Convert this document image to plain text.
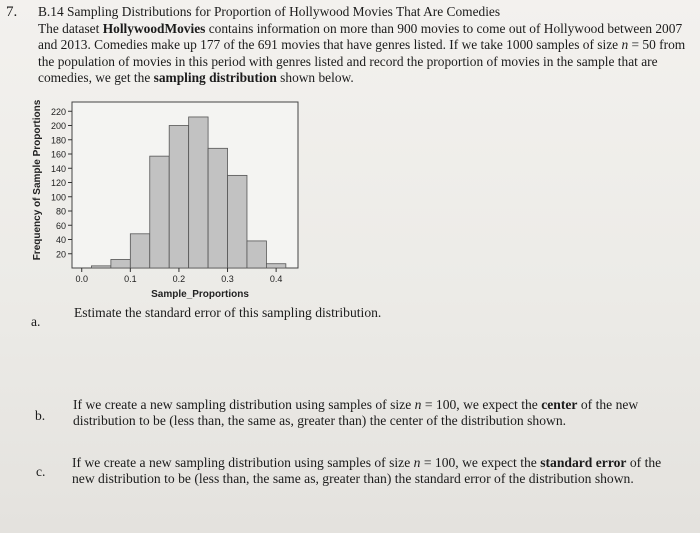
7. B.14 Sampling Distributions for Proportion of Hollywood Movies That Are Comedies

The dataset HollywoodMovies contains information on more than 900 movies to come out of Hollywood between 2007 and 2013. Comedies make up 177 of the 691 movies that have genres listed. If we take 1000 samples of size n = 50 from the population of movies in this period with genres listed and record the proportion of movies in the sample that are comedies, we get the sampling distribution shown below.

Frequency of Sample Proportions
Sample_Proportions
20
40
60
80
100
120
140
160
180
200
220
0.0	0.1	0.2	0.3	0.4
a.
Estimate the standard error of this sampling distribution.
b.
If we create a new sampling distribution using samples of size n = 100, we expect the center of the new distribution to be (less than, the same as, greater than) the center of the distribution shown.
c.
If we create a new sampling distribution using samples of size n = 100, we expect the standard error of the new distribution to be (less than, the same as, greater than) the standard error of the distribution shown.
